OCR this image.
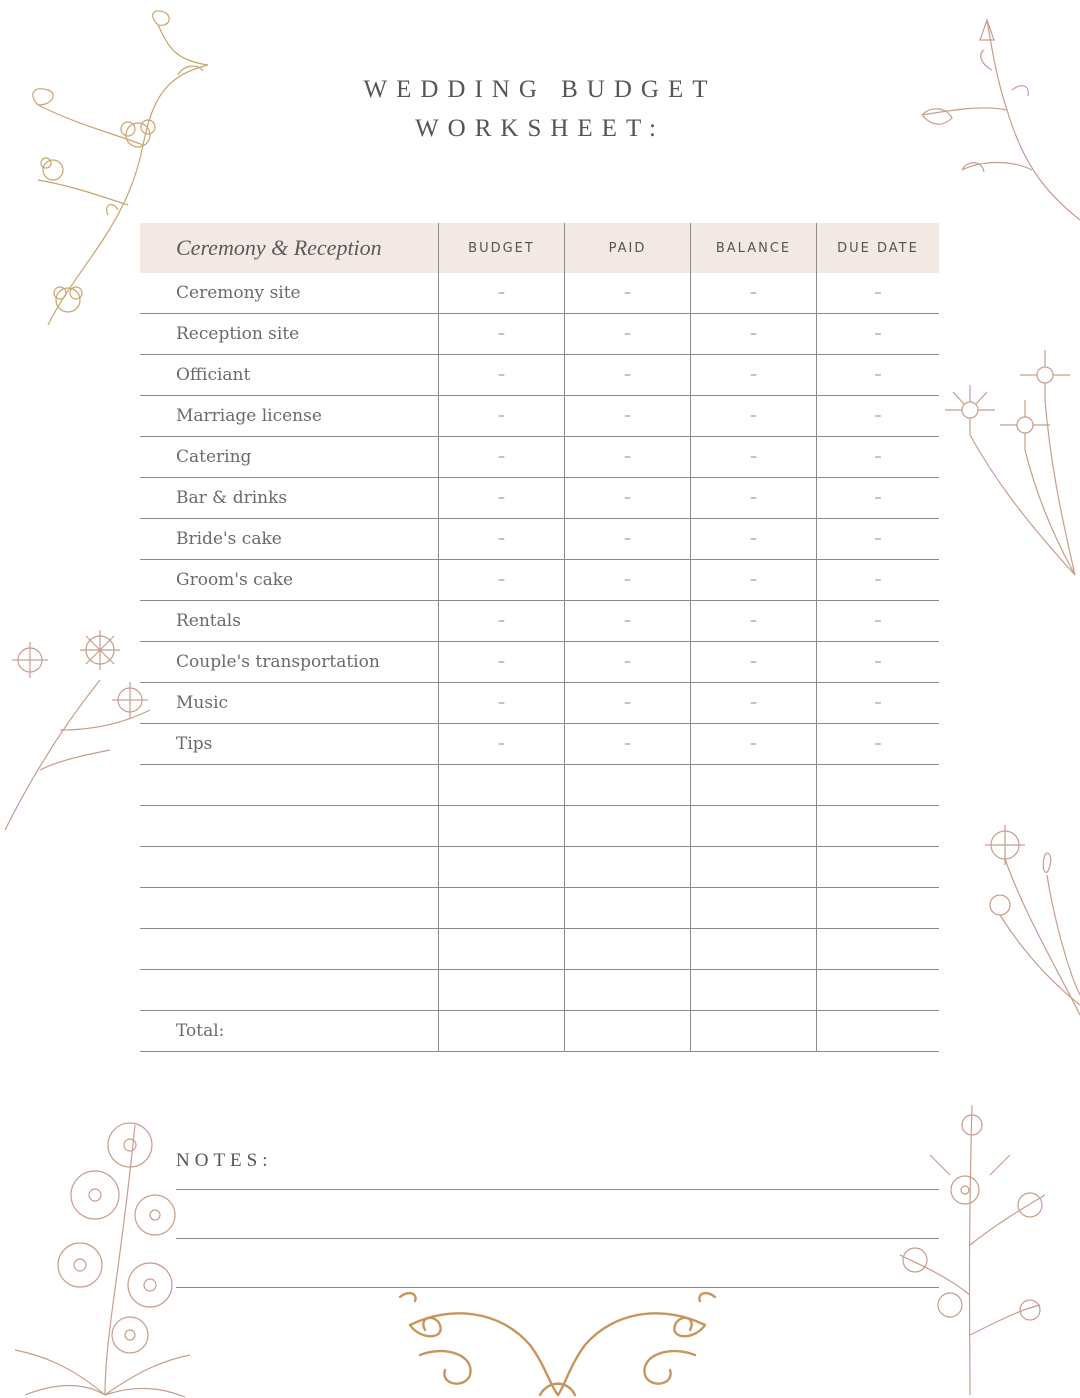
WEDDING BUDGET
WORKSHEET:
Ceremony & Reception	BUDGET	PAID	BALANCE	DUE DATE
Ceremony site	–	–	–	–
Reception site	–	–	–	–
Officiant	–	–	–	–
Marriage license	–	–	–	–
Catering	–	–	–	–
Bar & drinks	–	–	–	–
Bride's cake	–	–	–	–
Groom's cake	–	–	–	–
Rentals	–	–	–	–
Couple's transportation	–	–	–	–
Music	–	–	–	–
Tips	–	–	–	–
Total:
NOTES:
